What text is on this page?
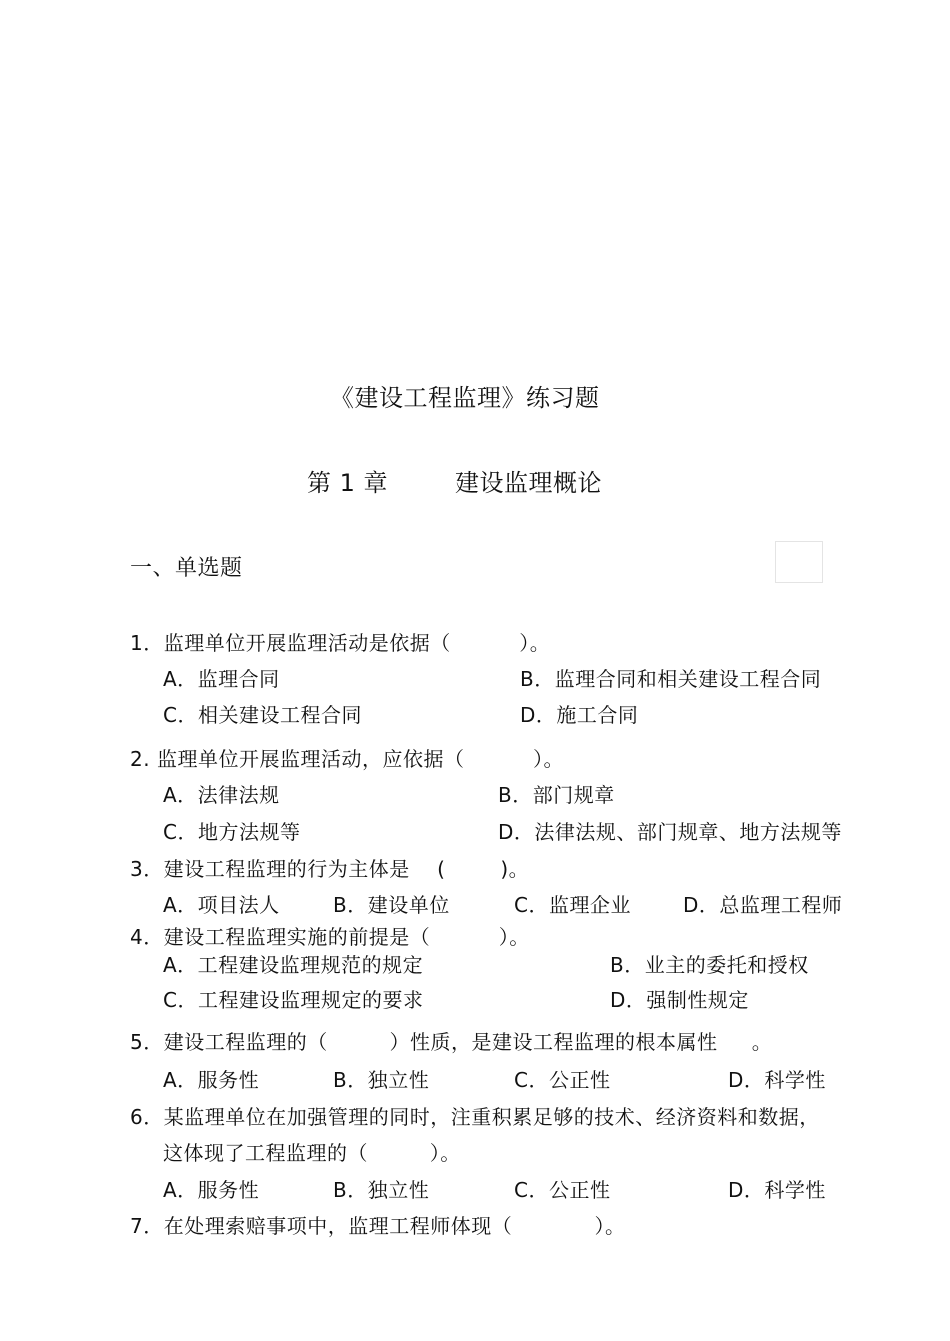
《建设工程监理》练习题
第 1 章	建设监理概论
一、单选题
1．监理单位开展监理活动是依据（          ）。
A．监理合同	B．监理合同和相关建设工程合同
C．相关建设工程合同	D．施工合同
2. 监理单位开展监理活动，应依据（          ）。
A．法律法规	B．部门规章
C．地方法规等	D．法律法规、部门规章、地方法规等
3．建设工程监理的行为主体是    (        )。
A．项目法人	B．建设单位	C．监理企业	D．总监理工程师
4．建设工程监理实施的前提是（          ）。
A．工程建设监理规范的规定	B．业主的委托和授权
C．工程建设监理规定的要求	D．强制性规定
5．建设工程监理的（         ）性质，是建设工程监理的根本属性     。
A．服务性	B．独立性	C．公正性	D．科学性
6．某监理单位在加强管理的同时，注重积累足够的技术、经济资料和数据，
这体现了工程监理的（         ）。
A．服务性	B．独立性	C．公正性	D．科学性
7．在处理索赔事项中，监理工程师体现（            ）。
